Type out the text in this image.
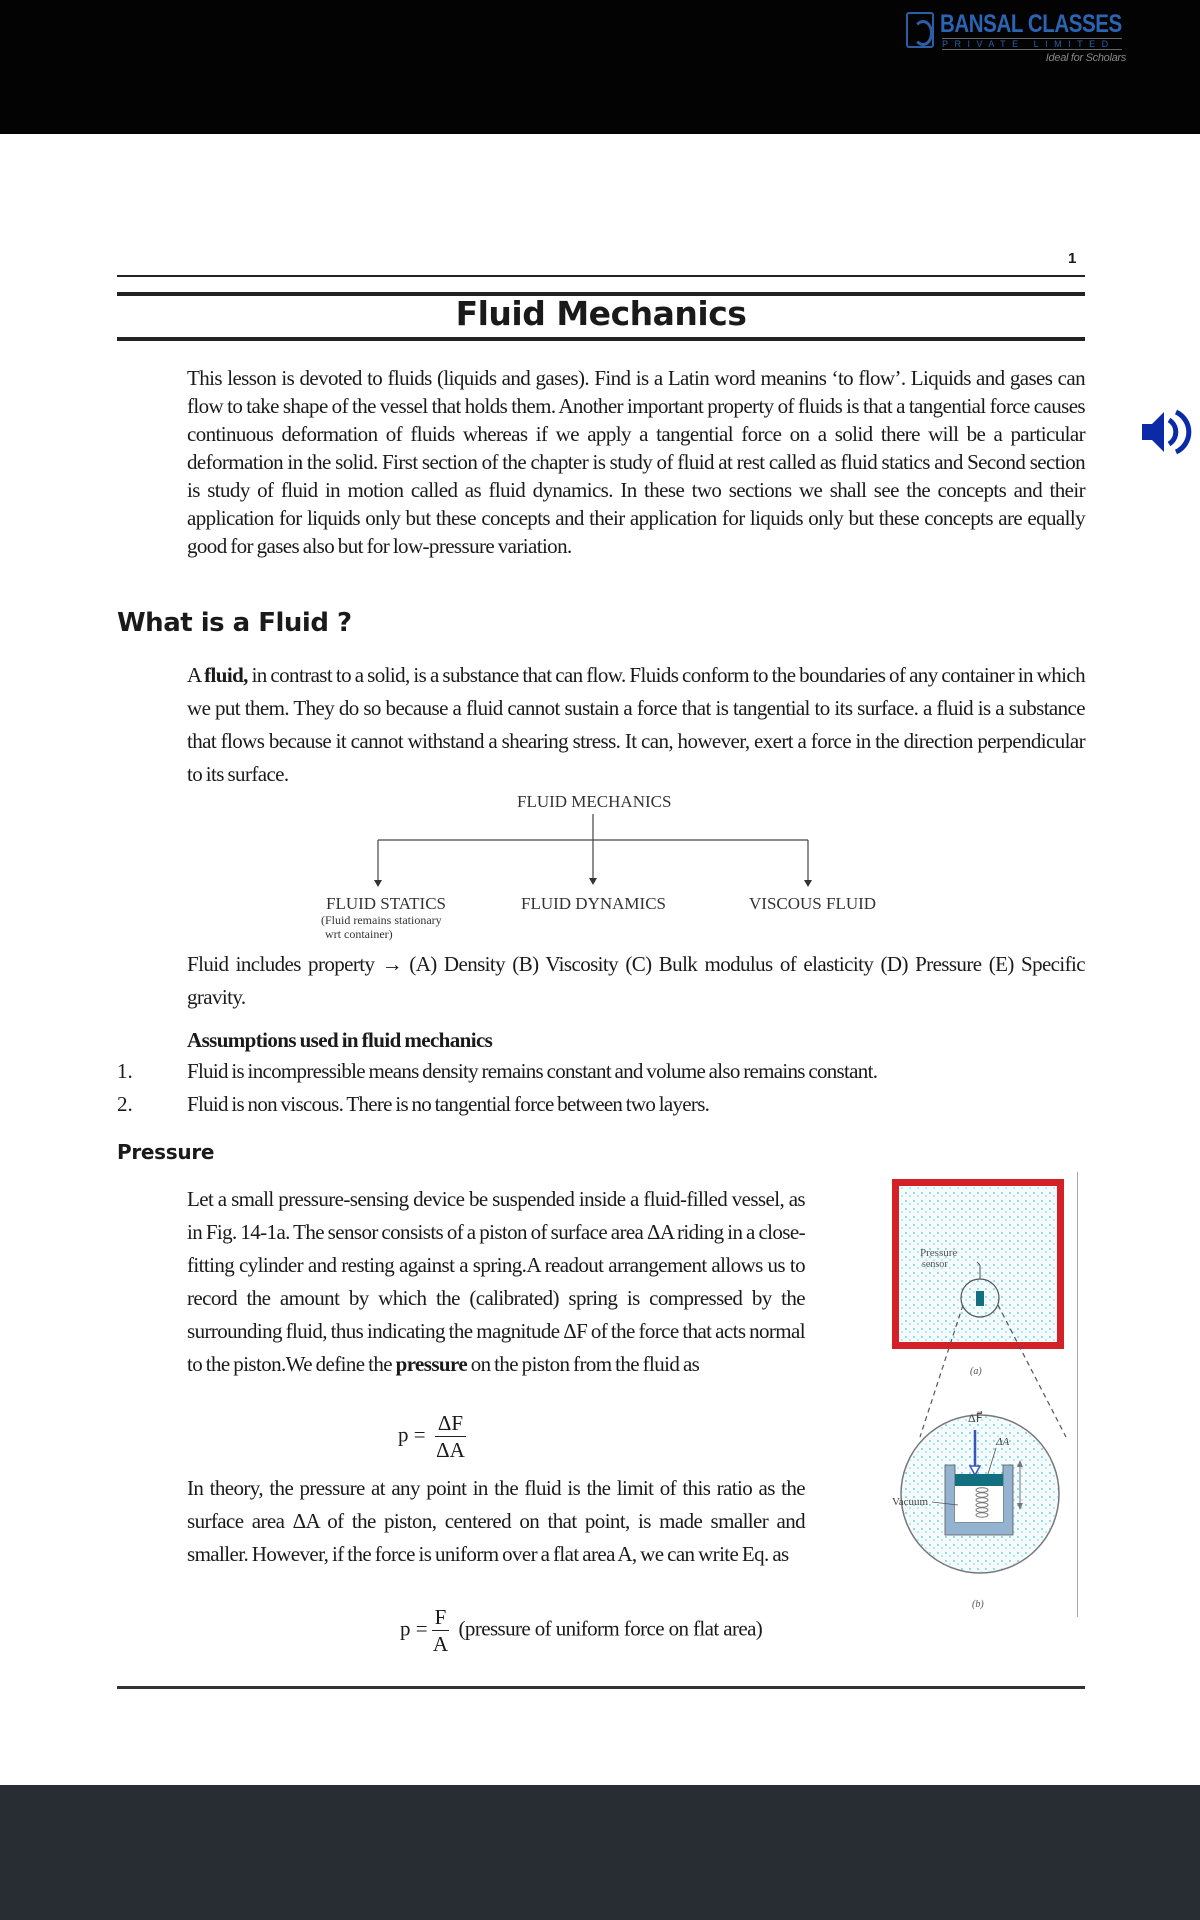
BANSAL CLASSES
PRIVATE LIMITED
Ideal for Scholars
1
Fluid Mechanics
This lesson is devoted to fluids (liquids and gases). Find is a Latin word meanins ‘to flow’. Liquids and gases can flow to take shape of the vessel that holds them. Another important property of fluids is that a tangential force causes continuous deformation of fluids whereas if we apply a tangential force on a solid there will be a particular deformation in the solid. First section of the chapter is study of fluid at rest called as fluid statics and Second section is study of fluid in motion called as fluid dynamics. In these two sections we shall see the concepts and their application for liquids only but these concepts and their application for liquids only but these concepts are equally good for gases also but for low-pressure variation.
What is a Fluid ?
A fluid, in contrast to a solid, is a substance that can flow. Fluids conform to the boundaries of any container in which we put them. They do so because a fluid cannot sustain a force that is tangential to its surface. a fluid is a substance that flows because it cannot withstand a shearing stress. It can, however, exert a force in the direction perpendicular to its surface.
FLUID MECHANICS
FLUID STATICS
(Fluid remains stationary
wrt container)
FLUID DYNAMICS	VISCOUS FLUID
Fluid includes property → (A) Density (B) Viscosity (C) Bulk modulus of elasticity (D) Pressure (E) Specific gravity.
Assumptions used in fluid mechanics
1.	Fluid is incompressible means density remains constant and volume also remains constant.
2.	Fluid is non viscous. There is no tangential force between two layers.
Pressure
Let a small pressure-sensing device be suspended inside a fluid-filled vessel, as in Fig. 14-1a. The sensor consists of a piston of surface area ΔA riding in a close-fitting cylinder and resting against a spring.A readout arrangement allows us to record the amount by which the (calibrated) spring is compressed by the surrounding fluid, thus indicating the magnitude ΔF of the force that acts normal to the piston.We define the pressure on the piston from the fluid as
$p = \frac{\Delta F}{\Delta A}$
In theory, the pressure at any point in the fluid is the limit of this ratio as the surface area ΔA of the piston, centered on that point, is made smaller and smaller. However, if the force is uniform over a flat area A, we can write Eq. as
$p = \frac{F}{A}$ (pressure of uniform force on flat area)
Pressure
sensor
(a)
ΔF⃗
ΔA
Vacuum
(b)
